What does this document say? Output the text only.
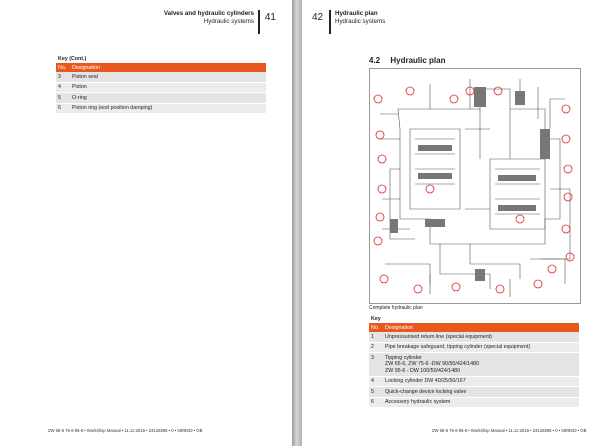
Valves and hydraulic cylinders
Hydraulic systems 41
Key (Cont.)	
No.	Designation
3	Piston seal
4	Piston
5	O-ring
6	Piston ring (end position damping)
ZW 65-6 75-6 95-6 • Workshop Manual • 11.12.2015 • 23125695 • 0 • 06/9033 • GB
42 Hydraulic plan
Hydraulic systems
4.2 Hydraulic plan
Complete hydraulic plan
Key	
No.	Designation
1	Unpressurised return line (special equipment)
2	Pipe breakage safeguard, tipping cylinder (special equipment)
3	Tipping cylinder
ZW 65-6, ZW 75-6 -DW 90/50/424/1480
ZW 95-6 - DW 100/50/424/1480

4	Locking cylinder DW 40/25/50/167
5	Quick-change device locking valve
6	Accessory hydraulic system
ZW 65-6 75-6 95-6 • Workshop Manual • 11.12.2015 • 23125695 • 0 • 06/9033 • GB
